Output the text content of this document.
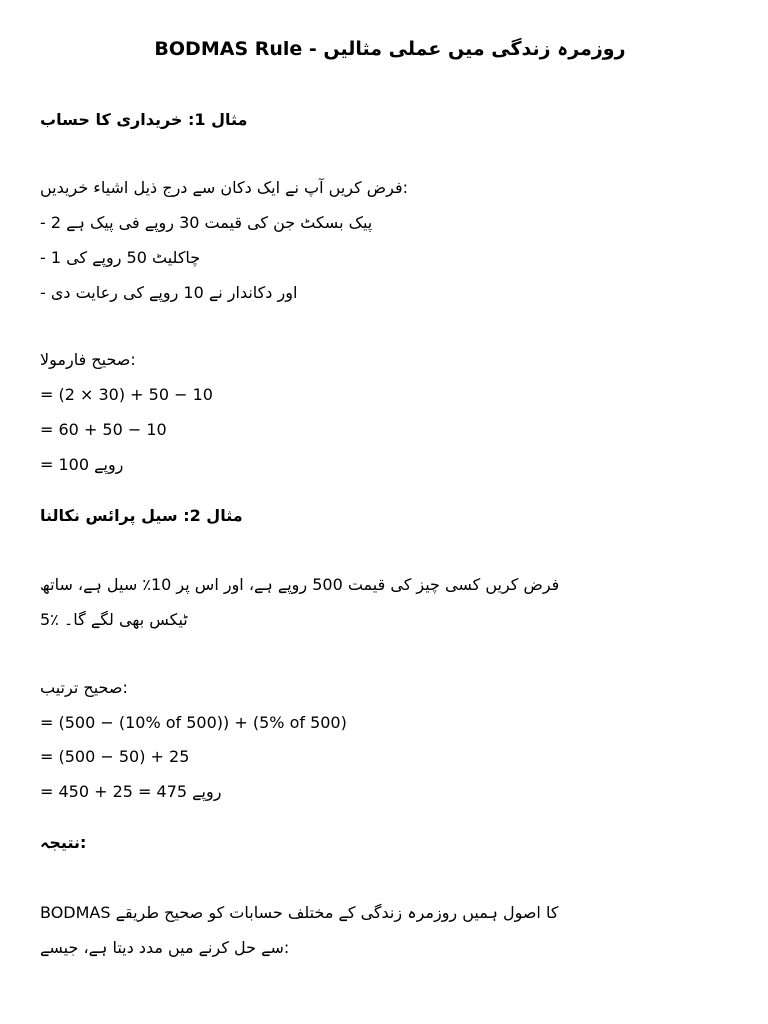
BODMAS Rule - روزمرہ زندگی میں عملی مثالیں
مثال 1: خریداری کا حساب
فرض کریں آپ نے ایک دکان سے درج ذیل اشیاء خریدیں:
- 2 پیک بسکٹ جن کی قیمت 30 روپے فی پیک ہے
- 1 چاکلیٹ 50 روپے کی
- اور دکاندار نے 10 روپے کی رعایت دی
صحیح فارمولا:
= (2 × 30) + 50 − 10
= 60 + 50 − 10
= 100 روپے
مثال 2: سیل پرائس نکالنا
فرض کریں کسی چیز کی قیمت 500 روپے ہے، اور اس پر 10٪ سیل ہے، ساتھ
5٪ ٹیکس بھی لگے گا۔
صحیح ترتیب:
= (500 − (10% of 500)) + (5% of 500)
= (500 − 50) + 25
= 450 + 25 = 475 روپے
نتیجہ:
BODMAS کا اصول ہمیں روزمرہ زندگی کے مختلف حسابات کو صحیح طریقے
سے حل کرنے میں مدد دیتا ہے، جیسے:
